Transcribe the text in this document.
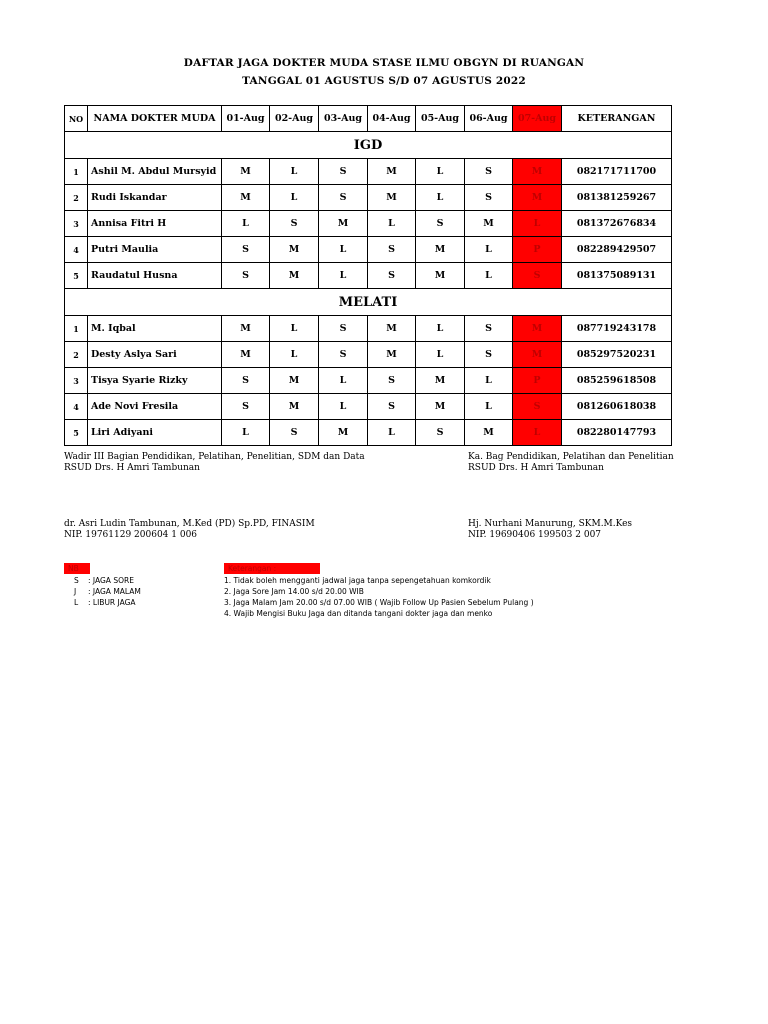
DAFTAR JAGA DOKTER MUDA STASE ILMU OBGYN DI RUANGAN
TANGGAL 01 AGUSTUS S/D 07 AGUSTUS 2022
NO	NAMA DOKTER MUDA	01-Aug	02-Aug	03-Aug	04-Aug	05-Aug	06-Aug	07-Aug	KETERANGAN
IGD									
1	Ashil M. Abdul Mursyid	M	L	S	M	L	S	M	082171711700
2	Rudi Iskandar	M	L	S	M	L	S	M	081381259267
3	Annisa Fitri H	L	S	M	L	S	M	L	081372676834
4	Putri Maulia	S	M	L	S	M	L	P	082289429507
5	Raudatul Husna	S	M	L	S	M	L	S	081375089131
MELATI									
1	M. Iqbal	M	L	S	M	L	S	M	087719243178
2	Desty Aslya Sari	M	L	S	M	L	S	M	085297520231
3	Tisya Syarie Rizky	S	M	L	S	M	L	P	085259618508
4	Ade Novi Fresila	S	M	L	S	M	L	S	081260618038
5	Liri Adiyani	L	S	M	L	S	M	L	082280147793
Wadir III Bagian Pendidikan, Pelatihan, Penelitian, SDM dan Data
RSUD Drs. H Amri Tambunan
Ka. Bag Pendidikan, Pelatihan dan Penelitian
RSUD Drs. H Amri Tambunan
dr. Asri Ludin Tambunan, M.Ked (PD) Sp.PD, FINASIM
NIP. 19761129 200604 1 006
Hj. Nurhani Manurung, SKM.M.Kes
NIP. 19690406 199503 2 007
NB	Keterangan :
S : JAGA SORE
J : JAGA MALAM
L : LIBUR JAGA
1. Tidak boleh mengganti jadwal jaga tanpa sepengetahuan komkordik
2. Jaga Sore Jam 14.00 s/d 20.00 WIB
3. Jaga Malam Jam 20.00 s/d 07.00 WIB ( Wajib Follow Up Pasien Sebelum Pulang )
4. Wajib Mengisi Buku Jaga dan ditanda tangani dokter jaga dan menko
